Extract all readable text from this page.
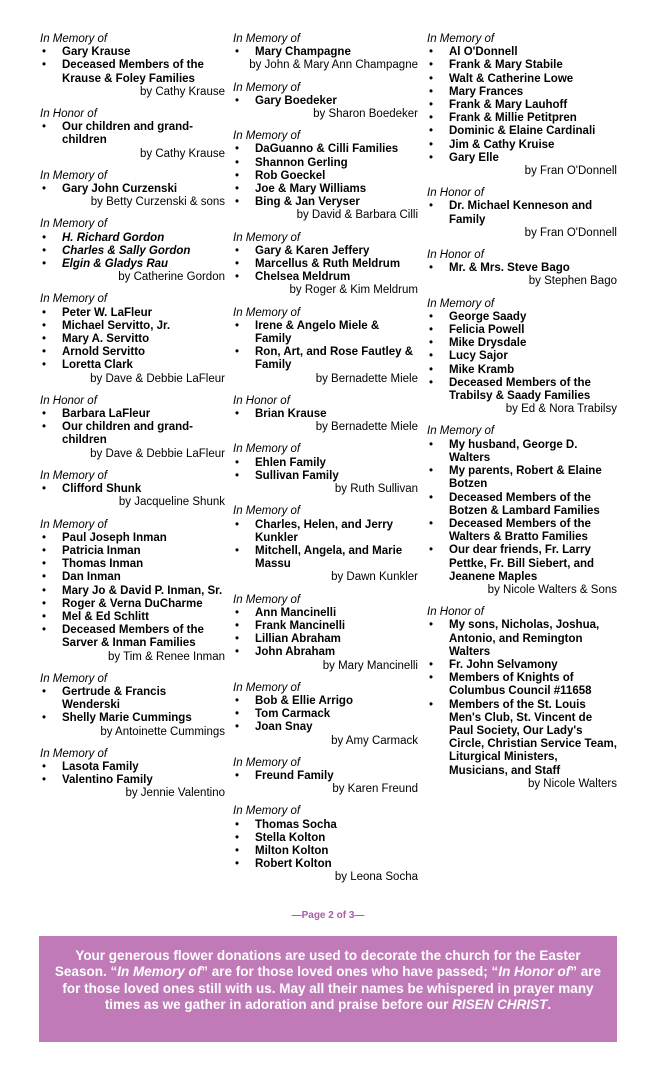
In Memory of
• Gary Krause
• Deceased Members of the Krause & Foley Families
by Cathy Krause
In Honor of
• Our children and grand-children
by Cathy Krause
In Memory of
• Gary John Curzenski
by Betty Curzenski & sons
In Memory of
• H. Richard Gordon
• Charles & Sally Gordon
• Elgin & Gladys Rau
by Catherine Gordon
In Memory of
• Peter W. LaFleur
• Michael Servitto, Jr.
• Mary A. Servitto
• Arnold Servitto
• Loretta Clark
by Dave & Debbie LaFleur
In Honor of
• Barbara LaFleur
• Our children and grand-children
by Dave & Debbie LaFleur
In Memory of
• Clifford Shunk
by Jacqueline Shunk
In Memory of
• Paul Joseph Inman
• Patricia Inman
• Thomas Inman
• Dan Inman
• Mary Jo & David P. Inman, Sr.
• Roger & Verna DuCharme
• Mel & Ed Schlitt
• Deceased Members of the Sarver & Inman Families
by Tim & Renee Inman
In Memory of
• Gertrude & Francis Wenderski
• Shelly Marie Cummings
by Antoinette Cummings
In Memory of
• Lasota Family
• Valentino Family
by Jennie Valentino
In Memory of
• Mary Champagne
by John & Mary Ann Champagne
In Memory of
• Gary Boedeker
by Sharon Boedeker
In Memory of
• DaGuanno & Cilli Families
• Shannon Gerling
• Rob Goeckel
• Joe & Mary Williams
• Bing & Jan Veryser
by David & Barbara Cilli
In Memory of
• Gary & Karen Jeffery
• Marcellus & Ruth Meldrum
• Chelsea Meldrum
by Roger & Kim Meldrum
In Memory of
• Irene & Angelo Miele & Family
• Ron, Art, and Rose Fautley & Family
by Bernadette Miele
In Honor of
• Brian Krause
by Bernadette Miele
In Memory of
• Ehlen Family
• Sullivan Family
by Ruth Sullivan
In Memory of
• Charles, Helen, and Jerry Kunkler
• Mitchell, Angela, and Marie Massu
by Dawn Kunkler
In Memory of
• Ann Mancinelli
• Frank Mancinelli
• Lillian Abraham
• John Abraham
by Mary Mancinelli
In Memory of
• Bob & Ellie Arrigo
• Tom Carmack
• Joan Snay
by Amy Carmack
In Memory of
• Freund Family
by Karen Freund
In Memory of
• Thomas Socha
• Stella Kolton
• Milton Kolton
• Robert Kolton
by Leona Socha
In Memory of
• Al O'Donnell
• Frank & Mary Stabile
• Walt & Catherine Lowe
• Mary Frances
• Frank & Mary Lauhoff
• Frank & Millie Petitpren
• Dominic & Elaine Cardinali
• Jim & Cathy Kruise
• Gary Elle
by Fran O'Donnell
In Honor of
• Dr. Michael Kenneson and Family
by Fran O'Donnell
In Honor of
• Mr. & Mrs. Steve Bago
by Stephen Bago
In Memory of
• George Saady
• Felicia Powell
• Mike Drysdale
• Lucy Sajor
• Mike Kramb
• Deceased Members of the Trabilsy & Saady Families
by Ed & Nora Trabilsy
In Memory of
• My husband, George D. Walters
• My parents, Robert & Elaine Botzen
• Deceased Members of the Botzen & Lambard Families
• Deceased Members of the Walters & Bratto Families
• Our dear friends, Fr. Larry Pettke, Fr. Bill Siebert, and Jeanene Maples
by Nicole Walters & Sons
In Honor of
• My sons, Nicholas, Joshua, Antonio, and Remington Walters
• Fr. John Selvamony
• Members of Knights of Columbus Council #11658
• Members of the St. Louis Men's Club, St. Vincent de Paul Society, Our Lady's Circle, Christian Service Team, Liturgical Ministers, Musicians, and Staff
by Nicole Walters
—Page 2 of 3—
Your generous flower donations are used to decorate the church for the Easter Season. “In Memory of” are for those loved ones who have passed; “In Honor of” are for those loved ones still with us. May all their names be whispered in prayer many times as we gather in adoration and praise before our RISEN CHRIST.
